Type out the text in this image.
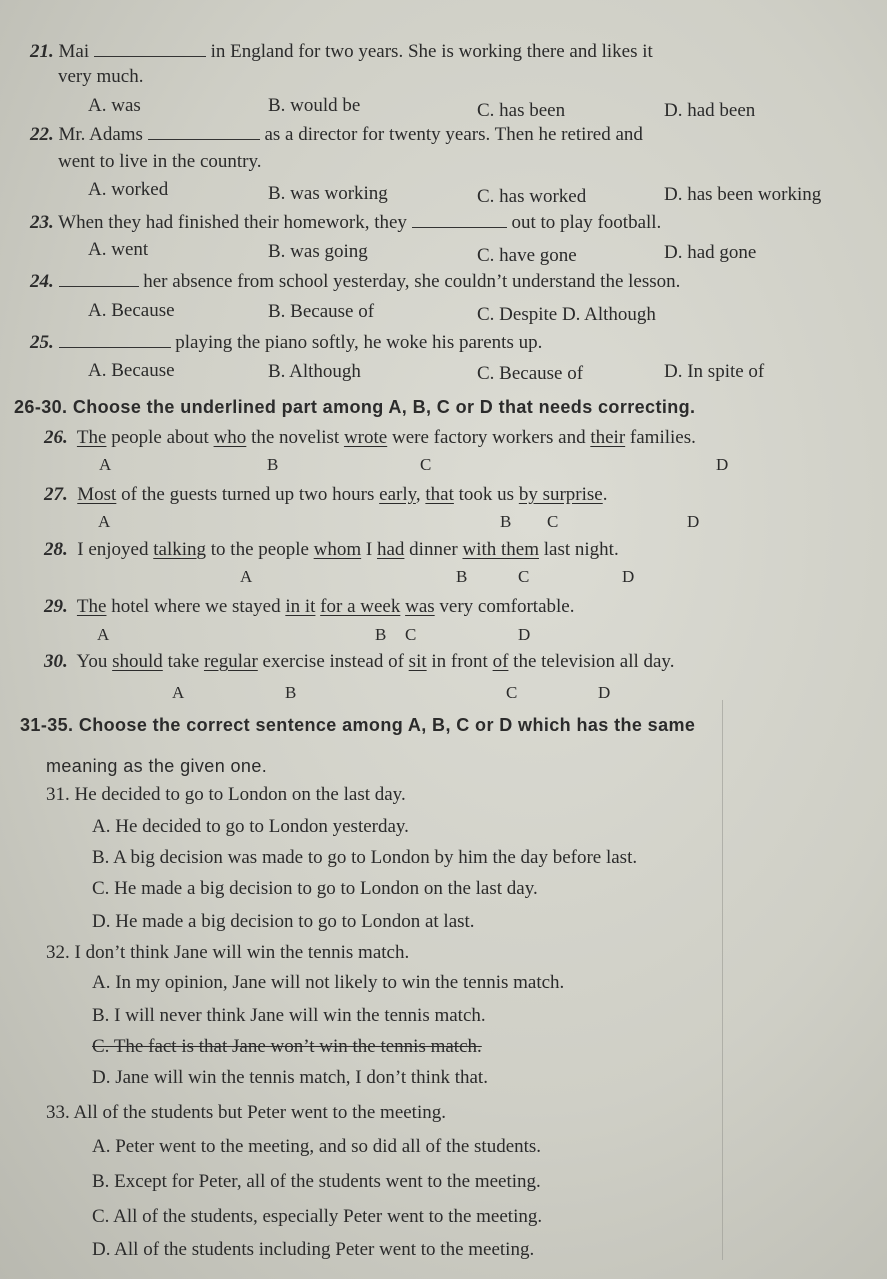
21. Mai	in England for two years. She is working there and likes it
very much.
A. was	B. would be	C. has been	D. had been
22. Mr. Adams	as a director for twenty years. Then he retired and
went to live in the country.
A. worked	B. was working	C. has worked	D. has been working
23. When they had finished their homework, they	out to play football.
A. went	B. was going	C. have gone	D. had gone
24.	her absence from school yesterday, she couldn’t understand the lesson.
A. Because	B. Because of	C. Despite D. Although
25.	playing the piano softly, he woke his parents up.
A. Because	B. Although	C. Because of	D. In spite of
26-30. Choose the underlined part among A, B, C or D that needs correcting.
26. The people about who the novelist wrote were factory workers and their families.
A	B	C	D
27. Most of the guests turned up two hours early, that took us by surprise.
A	B C	D
28. I enjoyed talking to the people whom I had dinner with them last night.
A	B	C	D
29. The hotel where we stayed in it for a week was very comfortable.
A	B C	D
30. You should take regular exercise instead of sit in front of the television all day.
A	B	C	D
31-35. Choose the correct sentence among A, B, C or D which has the same
meaning as the given one.
31. He decided to go to London on the last day.
A. He decided to go to London yesterday.
B. A big decision was made to go to London by him the day before last.
C. He made a big decision to go to London on the last day.
D. He made a big decision to go to London at last.
32. I don’t think Jane will win the tennis match.
A. In my opinion, Jane will not likely to win the tennis match.
B. I will never think Jane will win the tennis match.
C. The fact is that Jane won’t win the tennis match.
D. Jane will win the tennis match, I don’t think that.
33. All of the students but Peter went to the meeting.
A. Peter went to the meeting, and so did all of the students.
B. Except for Peter, all of the students went to the meeting.
C. All of the students, especially Peter went to the meeting.
D. All of the students including Peter went to the meeting.
